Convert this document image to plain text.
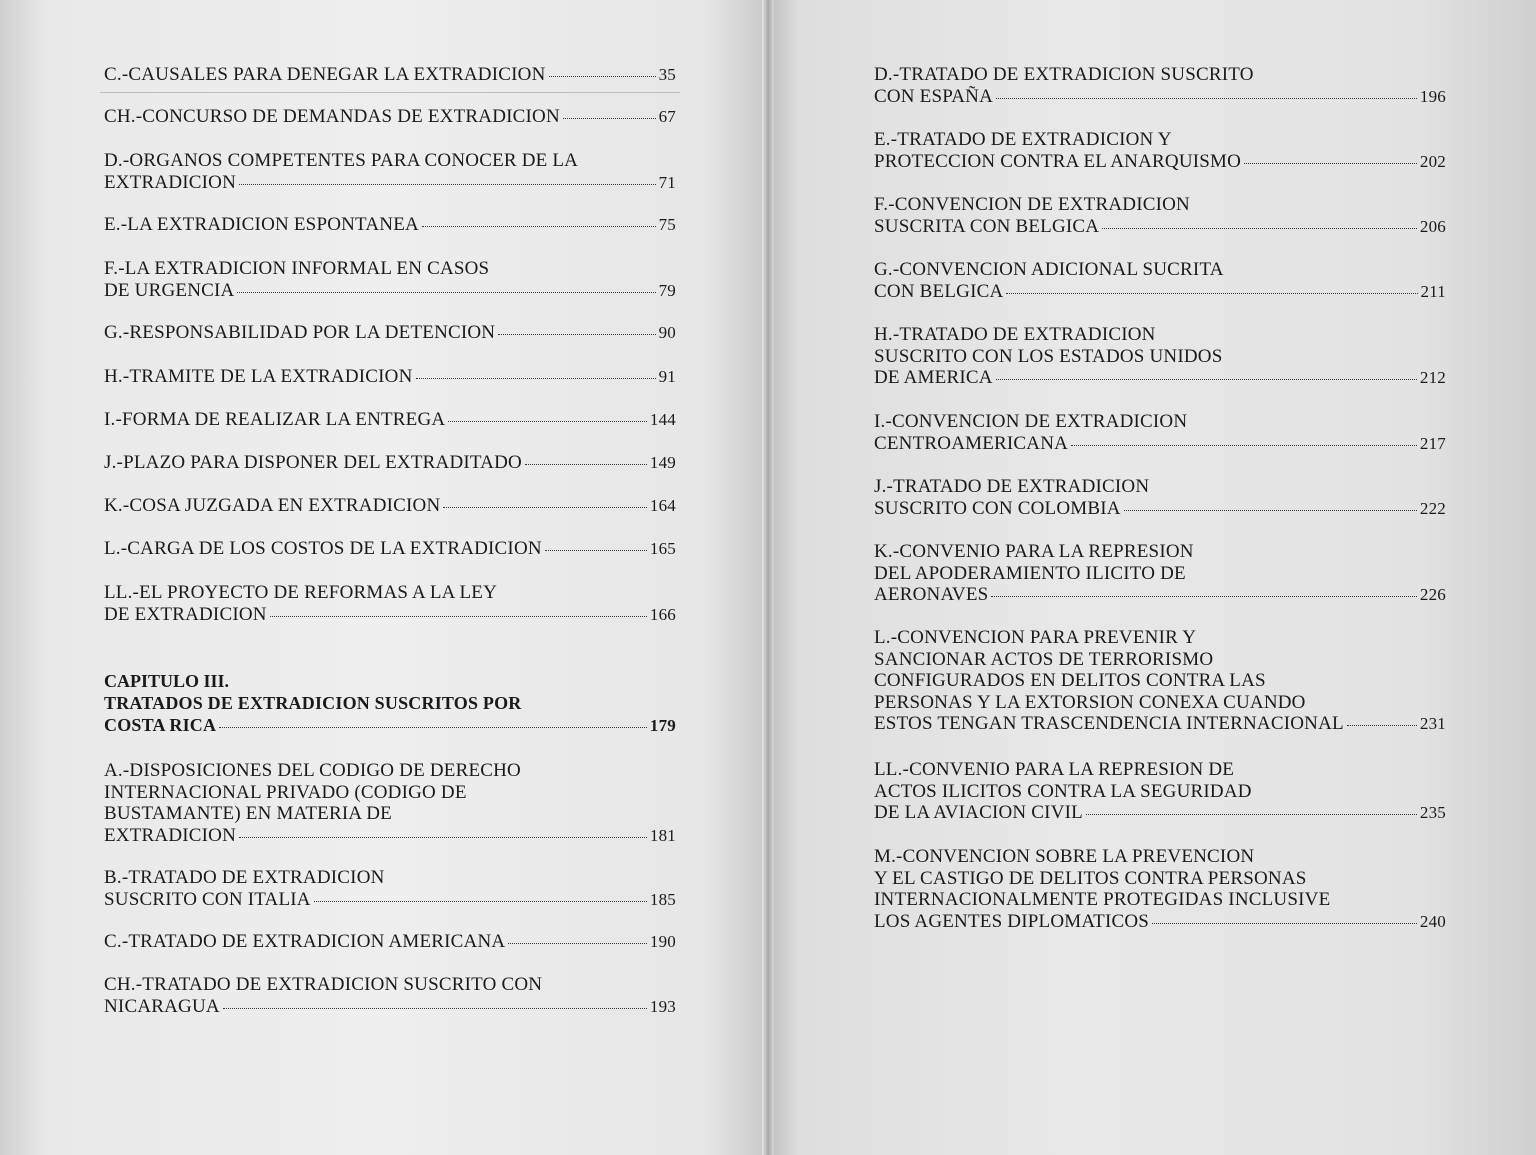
C.-CAUSALES PARA DENEGAR LA EXTRADICION	35
CH.-CONCURSO DE DEMANDAS DE EXTRADICION	67
D.-ORGANOS COMPETENTES PARA CONOCER DE LA
EXTRADICION	71
E.-LA EXTRADICION ESPONTANEA	75
F.-LA EXTRADICION INFORMAL EN CASOS
DE URGENCIA	79
G.-RESPONSABILIDAD POR LA DETENCION	90
H.-TRAMITE DE LA EXTRADICION	91
I.-FORMA DE REALIZAR LA ENTREGA	144
J.-PLAZO PARA DISPONER DEL EXTRADITADO	149
K.-COSA JUZGADA EN EXTRADICION	164
L.-CARGA DE LOS COSTOS DE LA EXTRADICION	165
LL.-EL PROYECTO DE REFORMAS A LA LEY
DE EXTRADICION	166
CAPITULO III.
TRATADOS DE EXTRADICION SUSCRITOS POR
COSTA RICA	179
A.-DISPOSICIONES DEL CODIGO DE DERECHO
INTERNACIONAL PRIVADO (CODIGO DE
BUSTAMANTE) EN MATERIA DE
EXTRADICION	181
B.-TRATADO DE EXTRADICION
SUSCRITO CON ITALIA	185
C.-TRATADO DE EXTRADICION AMERICANA	190
CH.-TRATADO DE EXTRADICION SUSCRITO CON
NICARAGUA	193
D.-TRATADO DE EXTRADICION SUSCRITO
CON ESPAÑA	196
E.-TRATADO DE EXTRADICION Y
PROTECCION CONTRA EL ANARQUISMO	202
F.-CONVENCION DE EXTRADICION
SUSCRITA CON BELGICA	206
G.-CONVENCION ADICIONAL SUCRITA
CON BELGICA	211
H.-TRATADO DE EXTRADICION
SUSCRITO CON LOS ESTADOS UNIDOS
DE AMERICA	212
I.-CONVENCION DE EXTRADICION
CENTROAMERICANA	217
J.-TRATADO DE EXTRADICION
SUSCRITO CON COLOMBIA	222
K.-CONVENIO PARA LA REPRESION
DEL APODERAMIENTO ILICITO DE
AERONAVES	226
L.-CONVENCION PARA PREVENIR Y
SANCIONAR ACTOS DE TERRORISMO
CONFIGURADOS EN DELITOS CONTRA LAS
PERSONAS Y LA EXTORSION CONEXA CUANDO
ESTOS TENGAN TRASCENDENCIA INTERNACIONAL	231
LL.-CONVENIO PARA LA REPRESION DE
ACTOS ILICITOS CONTRA LA SEGURIDAD
DE LA AVIACION CIVIL	235
M.-CONVENCION SOBRE LA PREVENCION
Y EL CASTIGO DE DELITOS CONTRA PERSONAS
INTERNACIONALMENTE PROTEGIDAS INCLUSIVE
LOS AGENTES DIPLOMATICOS	240
